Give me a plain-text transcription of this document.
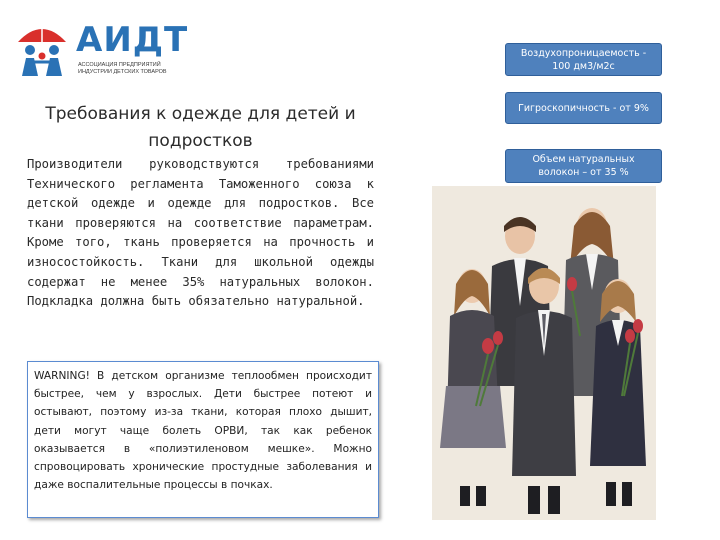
АИДТ
АССОЦИАЦИЯ ПРЕДПРИЯТИЙ ИНДУСТРИИ ДЕТСКИХ ТОВАРОВ
Требования к одежде для детей и подростков
Производители руководствуются требованиями Технического регламента Таможенного союза к детской одежде и одежде для подростков. Все ткани проверяются на соответствие параметрам. Кроме того, ткань проверяется на прочность и износостойкость. Ткани для школьной одежды содержат не менее 35% натуральных волокон. Подкладка должна быть обязательно натуральной.
WARNING! В детском организме теплообмен происходит быстрее, чем у взрослых. Дети быстрее потеют и остывают, поэтому из-за ткани, которая плохо дышит, дети могут чаще болеть ОРВИ, так как ребенок оказывается в «полиэтиленовом мешке». Можно спровоцировать хронические простудные заболевания и даже воспалительные процессы в почках.
Воздухопроницаемость - 100 дм3/м2с
Гигроскопичность - от 9%
Объем натуральных волокон – от 35 %
